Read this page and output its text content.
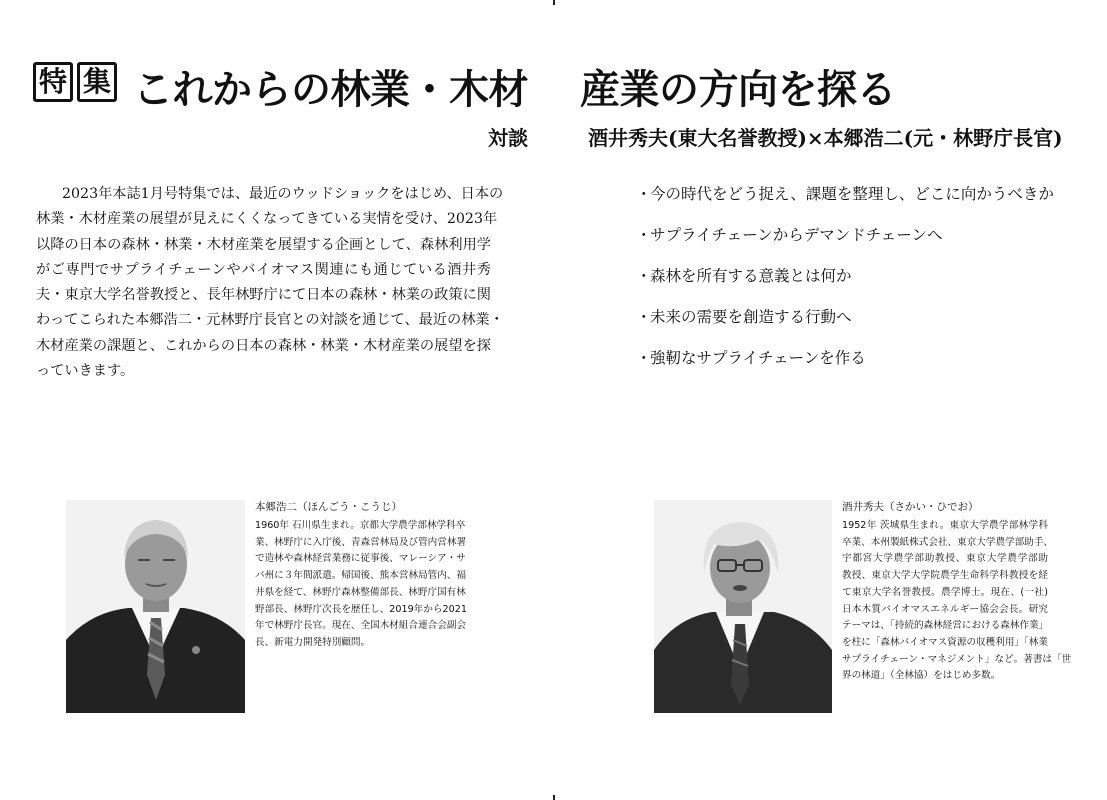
特 集 これからの林業・木材 産業の方向を探る
対談	酒井秀夫(東大名誉教授)×本郷浩二(元・林野庁長官)
2023年本誌1月号特集では、最近のウッドショックをはじめ、日本の
林業・木材産業の展望が見えにくくなってきている実情を受け、2023年
以降の日本の森林・林業・木材産業を展望する企画として、森林利用学
がご専門でサプライチェーンやバイオマス関連にも通じている酒井秀
夫・東京大学名誉教授と、長年林野庁にて日本の森林・林業の政策に関
わってこられた本郷浩二・元林野庁長官との対談を通じて、最近の林業・
木材産業の課題と、これからの日本の森林・林業・木材産業の展望を探
っていきます。
・今の時代をどう捉え、課題を整理し、どこに向かうべきか
・サプライチェーンからデマンドチェーンへ
・森林を所有する意義とは何か
・未来の需要を創造する行動へ
・強靭なサプライチェーンを作る
本郷浩二（ほんごう・こうじ）
1960年 石川県生まれ。京都大学農学部林学科卒
業、林野庁に入庁後、青森営林局及び管内営林署
で造林や森林経営業務に従事後、マレーシア・サ
バ州に３年間派遣。帰国後、熊本営林局管内、福
井県を経て、林野庁森林整備部長、林野庁国有林
野部長、林野庁次長を歴任し、2019年から2021
年で林野庁長官。現在、全国木材組合連合会副会
長、新電力開発特別顧問。
酒井秀夫（さかい・ひでお）
1952年 茨城県生まれ。東京大学農学部林学科
卒業、本州製紙株式会社、東京大学農学部助手、
宇都宮大学農学部助教授、東京大学農学部助
教授、東京大学大学院農学生命科学科教授を経
て東京大学名誉教授。農学博士。現在、(一社)
日本木質バイオマスエネルギー協会会長。研究
テーマは、「持続的森林経営における森林作業」
を柱に「森林バイオマス資源の収穫利用」「林業
サプライチェーン・マネジメント」など。著書は「世
界の林道」（全林協）をはじめ多数。
